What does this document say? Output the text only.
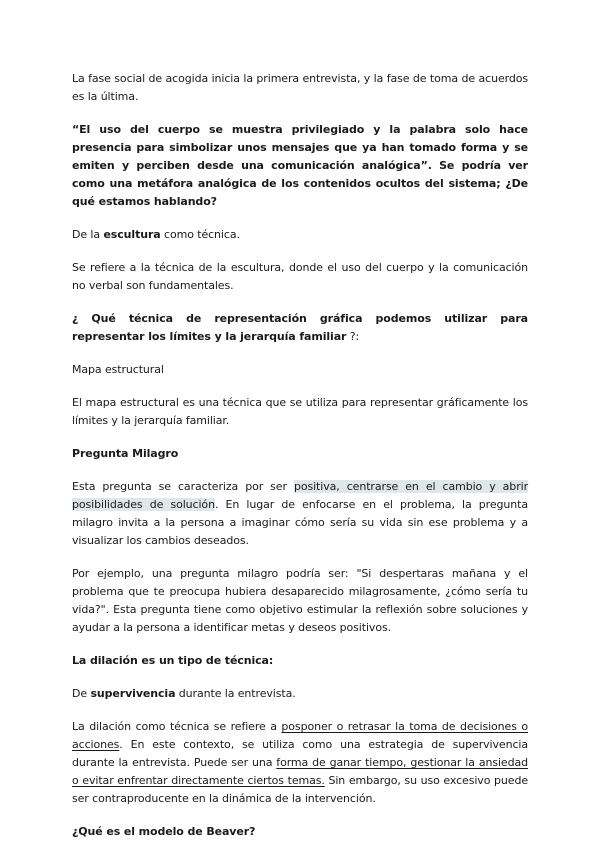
La fase social de acogida inicia la primera entrevista, y la fase de toma de acuerdos es la última.

“El uso del cuerpo se muestra privilegiado y la palabra solo hace presencia para simbolizar unos mensajes que ya han tomado forma y se emiten y perciben desde una comunicación analógica”. Se podría ver como una metáfora analógica de los contenidos ocultos del sistema; ¿De qué estamos hablando?

De la escultura como técnica.

Se refiere a la técnica de la escultura, donde el uso del cuerpo y la comunicación no verbal son fundamentales.

¿ Qué técnica de representación gráfica podemos utilizar para representar los límites y la jerarquía familiar ?:

Mapa estructural

El mapa estructural es una técnica que se utiliza para representar gráficamente los límites y la jerarquía familiar.

Pregunta Milagro

Esta pregunta se caracteriza por ser positiva, centrarse en el cambio y abrir posibilidades de solución. En lugar de enfocarse en el problema, la pregunta milagro invita a la persona a imaginar cómo sería su vida sin ese problema y a visualizar los cambios deseados.

Por ejemplo, una pregunta milagro podría ser: "Si despertaras mañana y el problema que te preocupa hubiera desaparecido milagrosamente, ¿cómo sería tu vida?". Esta pregunta tiene como objetivo estimular la reflexión sobre soluciones y ayudar a la persona a identificar metas y deseos positivos.

La dilación es un tipo de técnica:

De supervivencia durante la entrevista.

La dilación como técnica se refiere a posponer o retrasar la toma de decisiones o acciones. En este contexto, se utiliza como una estrategia de supervivencia durante la entrevista. Puede ser una forma de ganar tiempo, gestionar la ansiedad o evitar enfrentar directamente ciertos temas. Sin embargo, su uso excesivo puede ser contraproducente en la dinámica de la intervención.

¿Qué es el modelo de Beaver?
